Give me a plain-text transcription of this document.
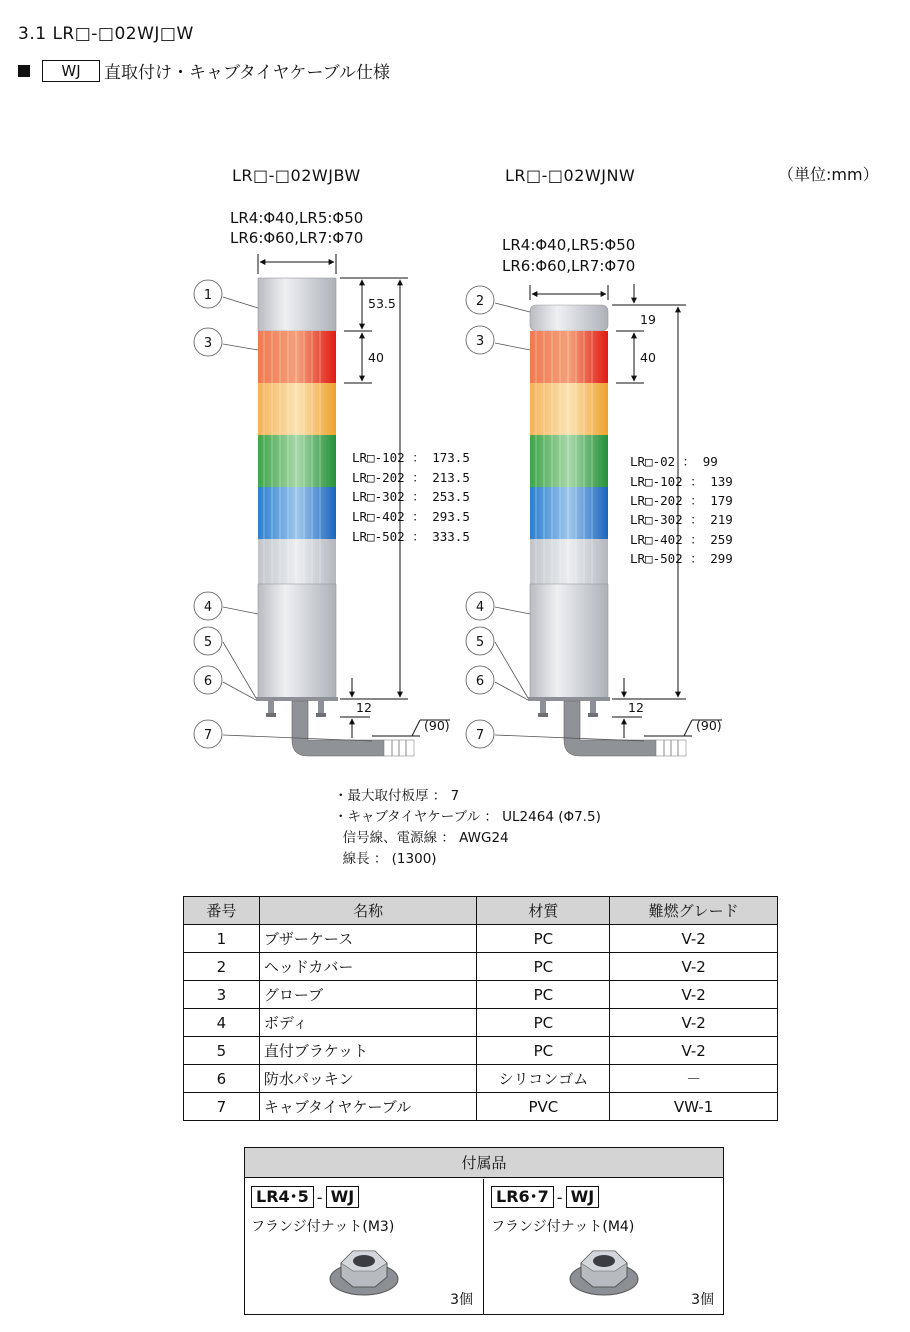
3.1 LR□-□02WJ□W
WJ	直取付け・キャブタイヤケーブル仕様
LR□-□02WJBW	LR□-□02WJNW	（単位:mm）
1
3
4
5
6
7
LR4:Φ40,LR5:Φ50
LR6:Φ60,LR7:Φ70
53.5
40
12
(90)
LR□-102 ： 173.5
LR□-202 ： 213.5
LR□-302 ： 253.5
LR□-402 ： 293.5
LR□-502 ： 333.5
2
3
4
5
6
7
LR4:Φ40,LR5:Φ50
LR6:Φ60,LR7:Φ70
19
40
12
(90)
LR□-02 ： 99
LR□-102 ： 139
LR□-202 ： 179
LR□-302 ： 219
LR□-402 ： 259
LR□-502 ： 299
・最大取付板厚 ： 7
・キャブタイヤケーブル ： UL2464 (Φ7.5)
信号線、電源線 ： AWG24
線長 ： (1300)
番号	名称	材質	難燃グレード
1	ブザーケース	PC	V-2
2	ヘッドカバー	PC	V-2
3	グローブ	PC	V-2
4	ボディ	PC	V-2
5	直付ブラケット	PC	V-2
6	防水パッキン	シリコンゴム	－
7	キャブタイヤケーブル	PVC	VW-1
付属品
LR4･5 - WJ
フランジ付ナット(M3)
3個
LR6･7 - WJ
フランジ付ナット(M4)
3個
